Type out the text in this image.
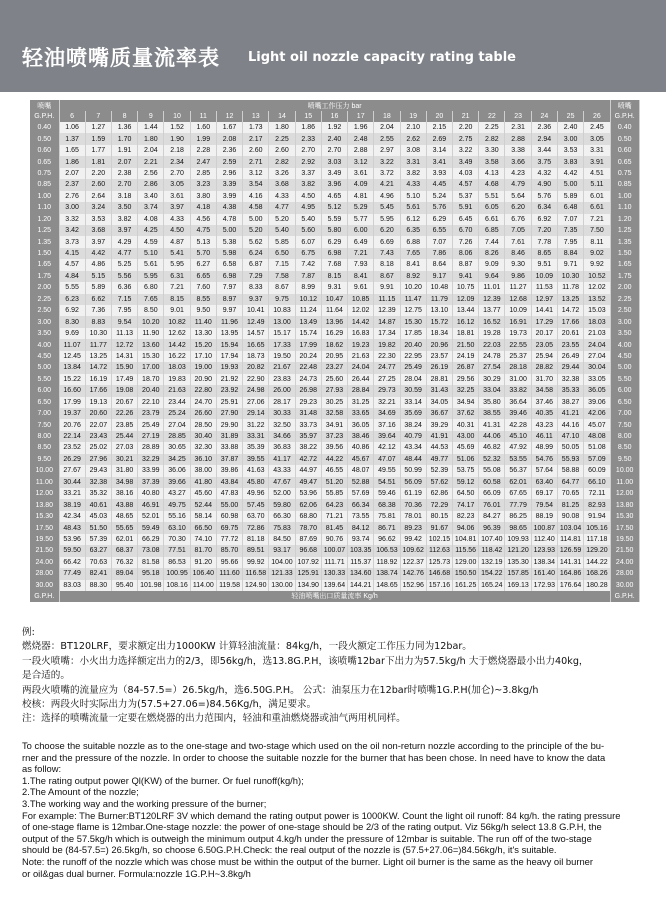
轻油喷嘴质量流率表 Light oil nozzle capacity rating table
喷嘴	喷嘴工作压力 bar																					喷嘴
G.P.H.	6	7	8	9	10	11	12	13	14	15	16	17	18	19	20	21	22	23	24	25	26	G.P.H.
0.40	1.06	1.27	1.36	1.44	1.52	1.60	1.67	1.73	1.80	1.86	1.92	1.96	2.04	2.10	2.15	2.20	2.25	2.31	2.36	2.40	2.45	0.40
0.50	1.37	1.59	1.70	1.80	1.90	1.99	2.08	2.17	2.25	2.33	2.40	2.48	2.55	2.62	2.69	2.75	2.82	2.88	2.94	3.00	3.05	0.50
0.60	1.65	1.77	1.91	2.04	2.18	2.28	2.36	2.60	2.60	2.70	2.70	2.88	2.97	3.08	3.14	3.22	3.30	3.38	3.44	3.53	3.31	0.60
0.65	1.86	1.81	2.07	2.21	2.34	2.47	2.59	2.71	2.82	2.92	3.03	3.12	3.22	3.31	3.41	3.49	3.58	3.66	3.75	3.83	3.91	0.65
0.75	2.07	2.20	2.38	2.56	2.70	2.85	2.96	3.12	3.26	3.37	3.49	3.61	3.72	3.82	3.93	4.03	4.13	4.23	4.32	4.42	4.51	0.75
0.85	2.37	2.60	2.70	2.86	3.05	3.23	3.39	3.54	3.68	3.82	3.96	4.09	4.21	4.33	4.45	4.57	4.68	4.79	4.90	5.00	5.11	0.85
1.00	2.76	2.64	3.18	3.40	3.61	3.80	3.99	4.16	4.33	4.50	4.65	4.81	4.96	5.10	5.24	5.37	5.51	5.64	5.76	5.89	6.01	1.00
1.10	3.00	3.24	3.50	3.74	3.97	4.18	4.38	4.58	4.77	4.95	5.12	5.29	5.45	5.61	5.76	5.91	6.05	6.20	6.34	6.48	6.61	1.10
1.20	3.32	3.53	3.82	4.08	4.33	4.56	4.78	5.00	5.20	5.40	5.59	5.77	5.95	6.12	6.29	6.45	6.61	6.76	6.92	7.07	7.21	1.20
1.25	3.42	3.68	3.97	4.25	4.50	4.75	5.00	5.20	5.40	5.60	5.80	6.00	6.20	6.35	6.55	6.70	6.85	7.05	7.20	7.35	7.50	1.25
1.35	3.73	3.97	4.29	4.59	4.87	5.13	5.38	5.62	5.85	6.07	6.29	6.49	6.69	6.88	7.07	7.26	7.44	7.61	7.78	7.95	8.11	1.35
1.50	4.15	4.42	4.77	5.10	5.41	5.70	5.98	6.24	6.50	6.75	6.98	7.21	7.43	7.65	7.86	8.06	8.26	8.46	8.65	8.84	9.02	1.50
1.65	4.57	4.86	5.25	5.61	5.95	6.27	6.58	6.87	7.15	7.42	7.68	7.93	8.18	8.41	8.64	8.87	9.09	9.30	9.51	9.71	9.92	1.65
1.75	4.84	5.15	5.56	5.95	6.31	6.65	6.98	7.29	7.58	7.87	8.15	8.41	8.67	8.92	9.17	9.41	9.64	9.86	10.09	10.30	10.52	1.75
2.00	5.55	5.89	6.36	6.80	7.21	7.60	7.97	8.33	8.67	8.99	9.31	9.61	9.91	10.20	10.48	10.75	11.01	11.27	11.53	11.78	12.02	2.00
2.25	6.23	6.62	7.15	7.65	8.15	8.55	8.97	9.37	9.75	10.12	10.47	10.85	11.15	11.47	11.79	12.09	12.39	12.68	12.97	13.25	13.52	2.25
2.50	6.92	7.36	7.95	8.50	9.01	9.50	9.97	10.41	10.83	11.24	11.64	12.02	12.39	12.75	13.10	13.44	13.77	10.09	14.41	14.72	15.03	2.50
3.00	8.30	8.83	9.54	10.20	10.82	11.40	11.96	12.49	13.00	13.49	13.96	14.42	14.87	15.30	15.72	16.12	16.52	16.91	17.29	17.66	18.03	3.00
3.50	9.69	10.30	11.13	11.90	12.62	13.30	13.95	14.57	15.17	15.74	16.29	16.83	17.34	17.85	18.34	18.81	19.28	19.73	20.17	20.61	21.03	3.50
4.00	11.07	11.77	12.72	13.60	14.42	15.20	15.94	16.65	17.33	17.99	18.62	19.23	19.82	20.40	20.96	21.50	22.03	22.55	23.05	23.55	24.04	4.00
4.50	12.45	13.25	14.31	15.30	16.22	17.10	17.94	18.73	19.50	20.24	20.95	21.63	22.30	22.95	23.57	24.19	24.78	25.37	25.94	26.49	27.04	4.50
5.00	13.84	14.72	15.90	17.00	18.03	19.00	19.93	20.82	21.67	22.48	23.27	24.04	24.77	25.49	26.19	26.87	27.54	28.18	28.82	29.44	30.04	5.00
5.50	15.22	16.19	17.49	18.70	19.83	20.90	21.92	22.90	23.83	24.73	25.60	26.44	27.25	28.04	28.81	29.56	30.29	31.00	31.70	32.38	33.05	5.50
6.00	16.60	17.66	19.08	20.40	21.63	22.80	23.92	24.98	26.00	26.98	27.93	28.84	29.73	30.59	31.43	32.25	33.04	33.82	34.58	35.33	36.05	6.00
6.50	17.99	19.13	20.67	22.10	23.44	24.70	25.91	27.06	28.17	29.23	30.25	31.25	32.21	33.14	34.05	34.94	35.80	36.64	37.46	38.27	39.06	6.50
7.00	19.37	20.60	22.26	23.79	25.24	26.60	27.90	29.14	30.33	31.48	32.58	33.65	34.69	35.69	36.67	37.62	38.55	39.46	40.35	41.21	42.06	7.00
7.50	20.76	22.07	23.85	25.49	27.04	28.50	29.90	31.22	32.50	33.73	34.91	36.05	37.16	38.24	39.29	40.31	41.31	42.28	43.23	44.16	45.07	7.50
8.00	22.14	23.43	25.44	27.19	28.85	30.40	31.89	33.31	34.66	35.97	37.23	38.46	39.64	40.79	41.91	43.00	44.06	45.10	46.11	47.10	48.08	8.00
8.50	23.52	25.02	27.03	28.89	30.65	32.30	33.88	35.39	36.83	38.22	39.56	40.86	42.12	43.34	44.53	45.69	46.82	47.92	48.99	50.05	51.08	8.50
9.50	26.29	27.96	30.21	32.29	34.25	36.10	37.87	39.55	41.17	42.72	44.22	45.67	47.07	48.44	49.77	51.06	52.32	53.55	54.76	55.93	57.09	9.50
10.00	27.67	29.43	31.80	33.99	36.06	38.00	39.86	41.63	43.33	44.97	46.55	48.07	49.55	50.99	52.39	53.75	55.08	56.37	57.64	58.88	60.09	10.00
11.00	30.44	32.38	34.98	37.39	39.66	41.80	43.84	45.80	47.67	49.47	51.20	52.88	54.51	56.09	57.62	59.12	60.58	62.01	63.40	64.77	66.10	11.00
12.00	33.21	35.32	38.16	40.80	43.27	45.60	47.83	49.96	52.00	53.96	55.85	57.69	59.46	61.19	62.86	64.50	66.09	67.65	69.17	70.65	72.11	12.00
13.80	38.19	40.61	43.88	46.91	49.75	52.44	55.00	57.45	59.80	62.06	64.23	66.34	68.38	70.36	72.29	74.17	76.01	77.79	79.54	81.25	82.93	13.80
15.30	42.34	45.03	48.65	52.01	55.16	58.14	60.98	63.70	66.30	68.80	71.21	73.55	75.81	78.01	80.15	82.23	84.27	86.25	88.19	90.08	91.94	15.30
17.50	48.43	51.50	55.65	59.49	63.10	66.50	69.75	72.86	75.83	78.70	81.45	84.12	86.71	89.23	91.67	94.06	96.39	98.65	100.87	103.04	105.16	17.50
19.50	53.96	57.39	62.01	66.29	70.30	74.10	77.72	81.18	84.50	87.69	90.76	93.74	96.62	99.42	102.15	104.81	107.40	109.93	112.40	114.81	117.18	19.50
21.50	59.50	63.27	68.37	73.08	77.51	81.70	85.70	89.51	93.17	96.68	100.07	103.35	106.53	109.62	112.63	115.56	118.42	121.20	123.93	126.59	129.20	21.50
24.00	66.42	70.63	76.32	81.58	86.53	91.20	95.66	99.92	104.00	107.92	111.71	115.37	118.92	122.37	125.73	129.00	132.19	135.30	138.34	141.31	144.22	24.00
28.00	77.49	82.41	89.04	95.18	100.95	106.40	111.60	116.58	121.33	125.91	130.33	134.60	138.74	142.76	146.68	150.50	154.22	157.85	161.40	164.86	168.26	28.00
30.00	83.03	88.30	95.40	101.98	108.16	114.00	119.58	124.90	130.00	134.90	139.64	144.21	148.65	152.96	157.16	161.25	165.24	169.13	172.93	176.64	180.28	30.00
G.P.H.	轻油喷嘴出口质量流率 Kg/h																					G.P.H.
例:
燃烧器：BT120LRF，要求额定出力1000KW 计算轻油流量：84kg/h，一段火额定工作压力同为12bar。
一段火喷嘴：小火出力选择额定出力的2/3，即56kg/h，选13.8G.P.H，该喷嘴12bar下出力为57.5kg/h 大于燃烧器最小出力40kg，
是合适的。
两段火喷嘴的流量应为（84-57.5=）26.5kg/h，选6.50G.P.H。 公式：油泵压力在12bar时喷嘴1G.P.H(加仑)~3.8kg/h
校核：两段火时实际出力为(57.5+27.06=)84.56Kg/h，满足要求。
注：选择的喷嘴流量一定要在燃烧器的出力范围内，轻油和重油燃烧器或油气两用机同样。
To choose the suitable nozzle as to the one-stage and two-stage which used on the oil non-return nozzle according to the principle of the bu-
rner and the pressure of the nozzle. In order to choose the suitable nozzle for the burner that has been chose. In need have to know the data
as follow:
1.The rating output power Ql(KW) of the burner. Or fuel runoff(kg/h);
2.The Amount of the nozzle;
3.The working way and the working pressure of the burner;
For example: The Burner:BT120LRF 3V which demand the rating output power is 1000KW. Count the light oil runoff: 84 kg/h. the rating pressure
of one-stage flame is 12mbar.One-stage nozzle: the power of one-stage should be 2/3 of the rating output. Viz 56kg/h select 13.8 G.P.H, the
output of the 57.5kg/h which is outweigh the minimum output 4.kg/h under the pressure of 12mbar is suitable. The run off of the two-stage
should be (84-57.5=) 26.5kg/h, so choose 6.50G.P.H.Check: the real output of the nozzle is (57.5+27.06=)84.56kg/h, it's suitable.
Note: the runoff of the nozzle which was chose must be within the output of the burner. Light oil burner is the same as the heavy oil burner
or oil&gas dual burner. Formula:nozzle 1G.P.H~3.8kg/h
